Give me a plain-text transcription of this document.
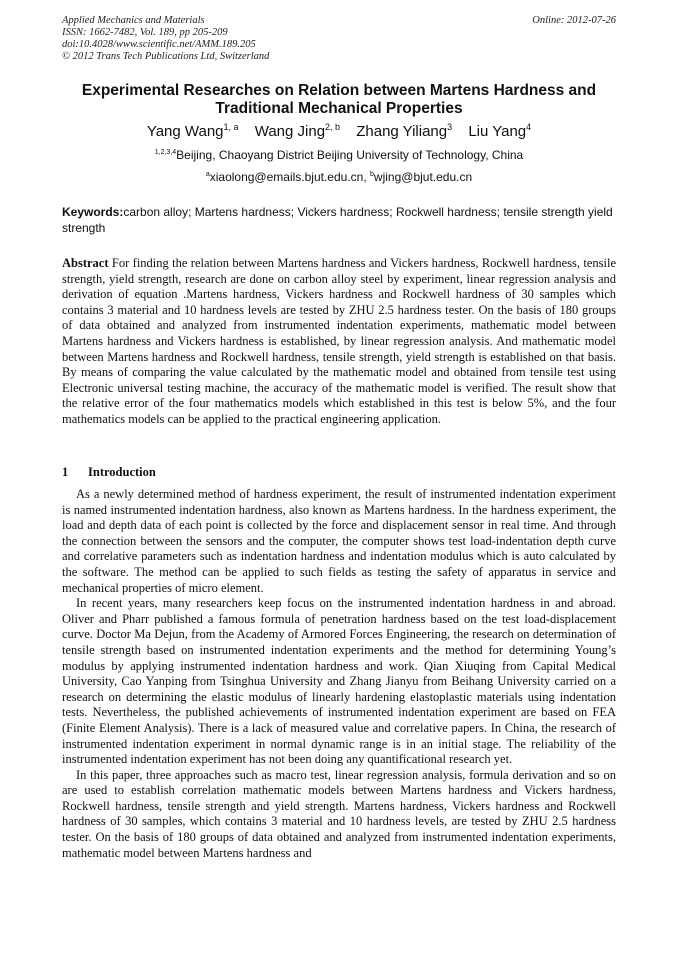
Applied Mechanics and Materials
ISSN: 1662-7482, Vol. 189, pp 205-209
doi:10.4028/www.scientific.net/AMM.189.205
© 2012 Trans Tech Publications Ltd, Switzerland
Online: 2012-07-26
Experimental Researches on Relation between Martens Hardness and Traditional Mechanical Properties
Yang Wang$^{1, a}$ Wang Jing$^{2, b}$ Zhang Yiliang$^3$ Liu Yang$^4$
$^{1,2,3,4}$Beijing, Chaoyang District Beijing University of Technology, China
$^a$xiaolong@emails.bjut.edu.cn, $^b$wjing@bjut.edu.cn
Keywords:carbon alloy; Martens hardness; Vickers hardness; Rockwell hardness; tensile strength yield strength
Abstract For finding the relation between Martens hardness and Vickers hardness, Rockwell hardness, tensile strength, yield strength, research are done on carbon alloy steel by experiment, linear regression analysis and derivation of equation .Martens hardness, Vickers hardness and Rockwell hardness of 30 samples which contains 3 material and 10 hardness levels are tested by ZHU 2.5 hardness tester. On the basis of 180 groups of data obtained and analyzed from instrumented indentation experiments, mathematic model between Martens hardness and Vickers hardness is established, by linear regression analysis. And mathematic model between Martens hardness and Rockwell hardness, tensile strength, yield strength is established on that basis. By means of comparing the value calculated by the mathematic model and obtained from tensile test using Electronic universal testing machine, the accuracy of the mathematic model is verified. The result show that the relative error of the four mathematics models which established in this test is below 5%, and the four mathematics models can be applied to the practical engineering application.
1 Introduction

As a newly determined method of hardness experiment, the result of instrumented indentation experiment is named instrumented indentation hardness, also known as Martens hardness. In the hardness experiment, the load and depth data of each point is collected by the force and displacement sensor in real time. And through the connection between the sensors and the computer, the computer shows test load-indentation depth curve and correlative parameters such as indentation hardness and indentation modulus which is auto calculated by the software. The method can be applied to such fields as testing the safety of apparatus in service and mechanical properties of micro element.

In recent years, many researchers keep focus on the instrumented indentation hardness in and abroad. Oliver and Pharr published a famous formula of penetration hardness based on the test load-displacement curve. Doctor Ma Dejun, from the Academy of Armored Forces Engineering, the research on determination of tensile strength based on instrumented indentation experiments and the method for determining Young’s modulus by applying instrumented indentation hardness and work. Qian Xiuqing from Capital Medical University, Cao Yanping from Tsinghua University and Zhang Jianyu from Beihang University carried on a research on determining the elastic modulus of linearly hardening elastoplastic materials using indentation tests. Nevertheless, the published achievements of instrumented indentation experiment are based on FEA (Finite Element Analysis). There is a lack of measured value and correlative papers. In China, the research of instrumented indentation experiment in normal dynamic range is in an initial stage. The reliability of the instrumented indentation experiment has not been doing any quantificational research yet.

In this paper, three approaches such as macro test, linear regression analysis, formula derivation and so on are used to establish correlation mathematic models between Martens hardness and Vickers hardness, Rockwell hardness, tensile strength and yield strength. Martens hardness, Vickers hardness and Rockwell hardness of 30 samples, which contains 3 material and 10 hardness levels, are tested by ZHU 2.5 hardness tester. On the basis of 180 groups of data obtained and analyzed from instrumented indentation experiments, mathematic model between Martens hardness and
